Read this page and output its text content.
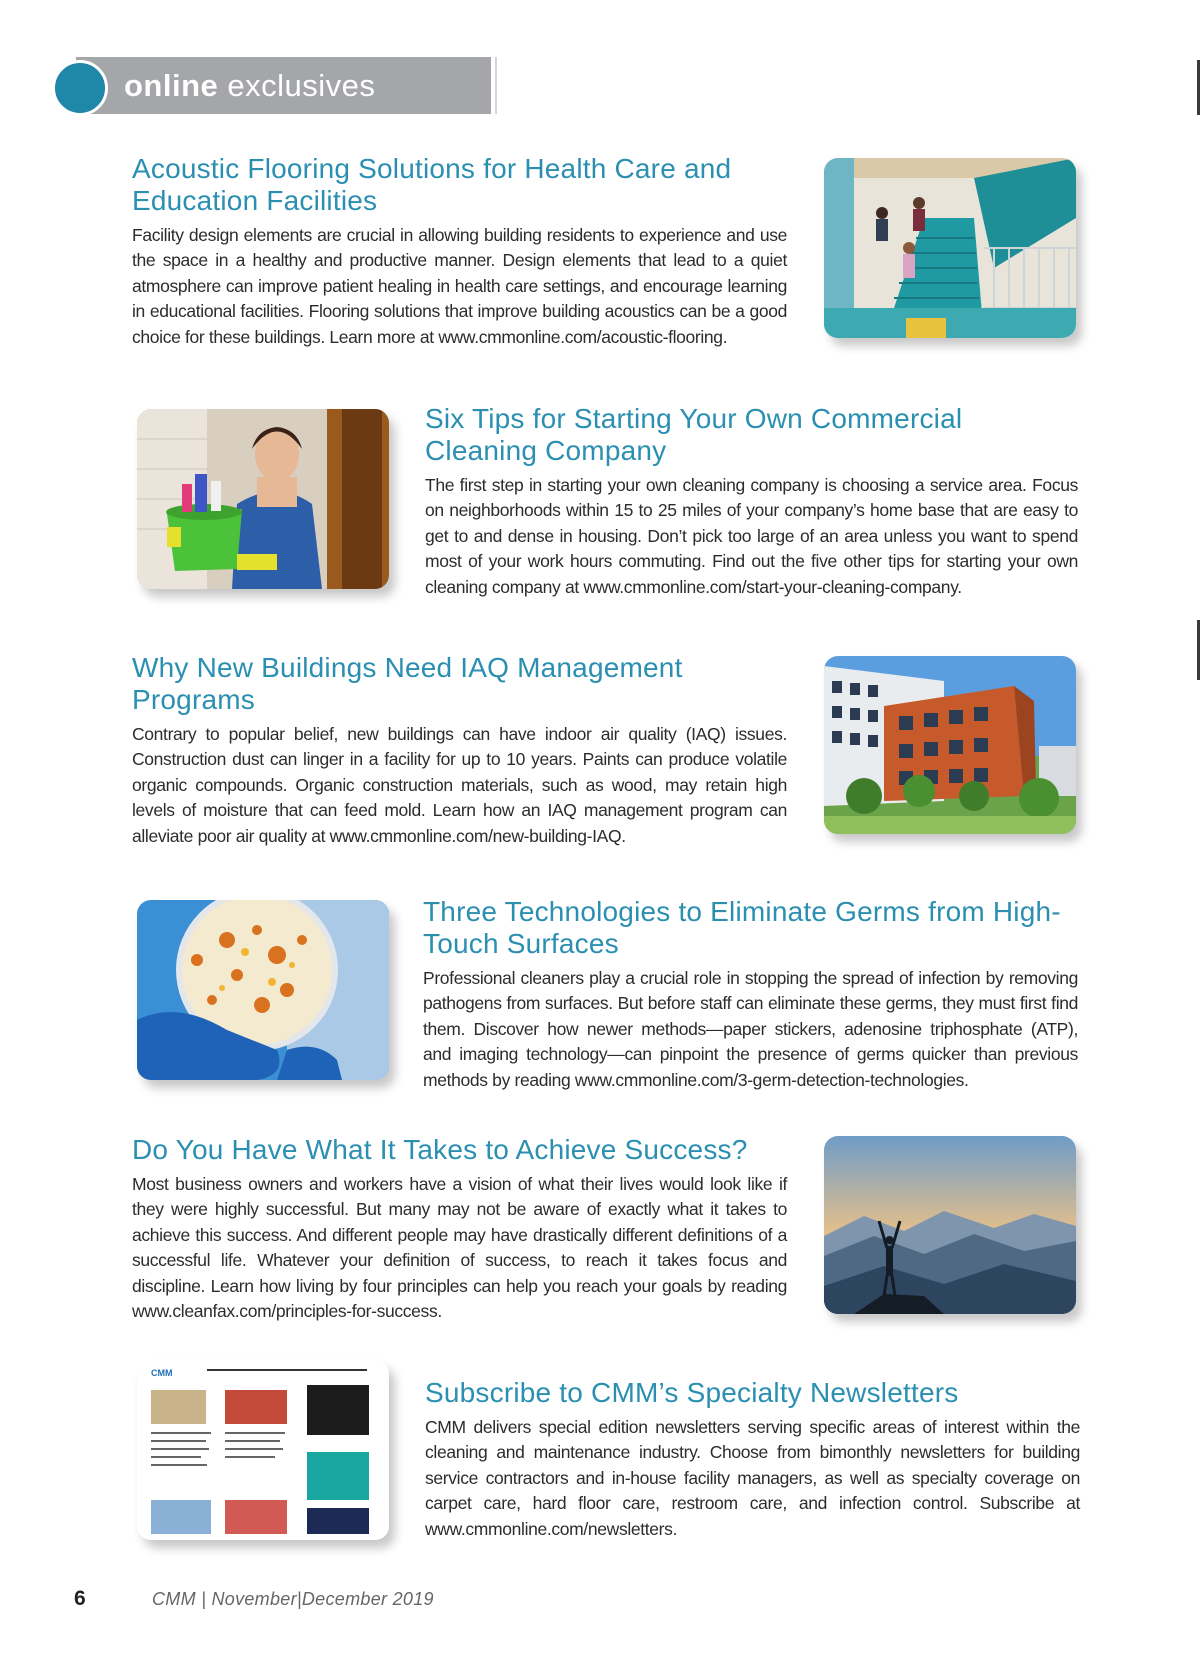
online exclusives
Acoustic Flooring Solutions for Health Care and Education Facilities

Facility design elements are crucial in allowing building residents to experience and use the space in a healthy and productive manner. Design elements that lead to a quiet atmosphere can improve patient healing in health care settings, and encourage learning in educational facilities. Flooring solutions that improve building acoustics can be a good choice for these buildings. Learn more at www.cmmonline.com/acoustic-flooring.

Six Tips for Starting Your Own Commercial Cleaning Company

The first step in starting your own cleaning company is choosing a service area. Focus on neighborhoods within 15 to 25 miles of your company’s home base that are easy to get to and dense in housing. Don’t pick too large of an area unless you want to spend most of your work hours commuting. Find out the five other tips for starting your own cleaning company at www.cmmonline.com/start-your-cleaning-company.

Why New Buildings Need IAQ Management Programs

Contrary to popular belief, new buildings can have indoor air quality (IAQ) issues. Construction dust can linger in a facility for up to 10 years. Paints can produce volatile organic compounds. Organic construction materials, such as wood, may retain high levels of moisture that can feed mold. Learn how an IAQ management program can alleviate poor air quality at www.cmmonline.com/new-building-IAQ.

Three Technologies to Eliminate Germs from High-Touch Surfaces

Professional cleaners play a crucial role in stopping the spread of infection by removing pathogens from surfaces. But before staff can eliminate these germs, they must first find them. Discover how newer methods—paper stickers, adenosine triphosphate (ATP), and imaging technology—can pinpoint the presence of germs quicker than previous methods by reading www.cmmonline.com/3-germ-detection-technologies.

Do You Have What It Takes to Achieve Success?

Most business owners and workers have a vision of what their lives would look like if they were highly successful. But many may not be aware of exactly what it takes to achieve this success. And different people may have drastically different definitions of a successful life. Whatever your definition of success, to reach it takes focus and discipline. Learn how living by four principles can help you reach your goals by reading www.cleanfax.com/principles-for-success.

CMM
Subscribe to CMM’s Specialty Newsletters

CMM delivers special edition newsletters serving specific areas of interest within the cleaning and maintenance industry. Choose from bimonthly newsletters for building service contractors and in-house facility managers, as well as specialty coverage on carpet care, hard floor care, restroom care, and infection control. Subscribe at www.cmmonline.com/newsletters.

6	CMM | November|December 2019
